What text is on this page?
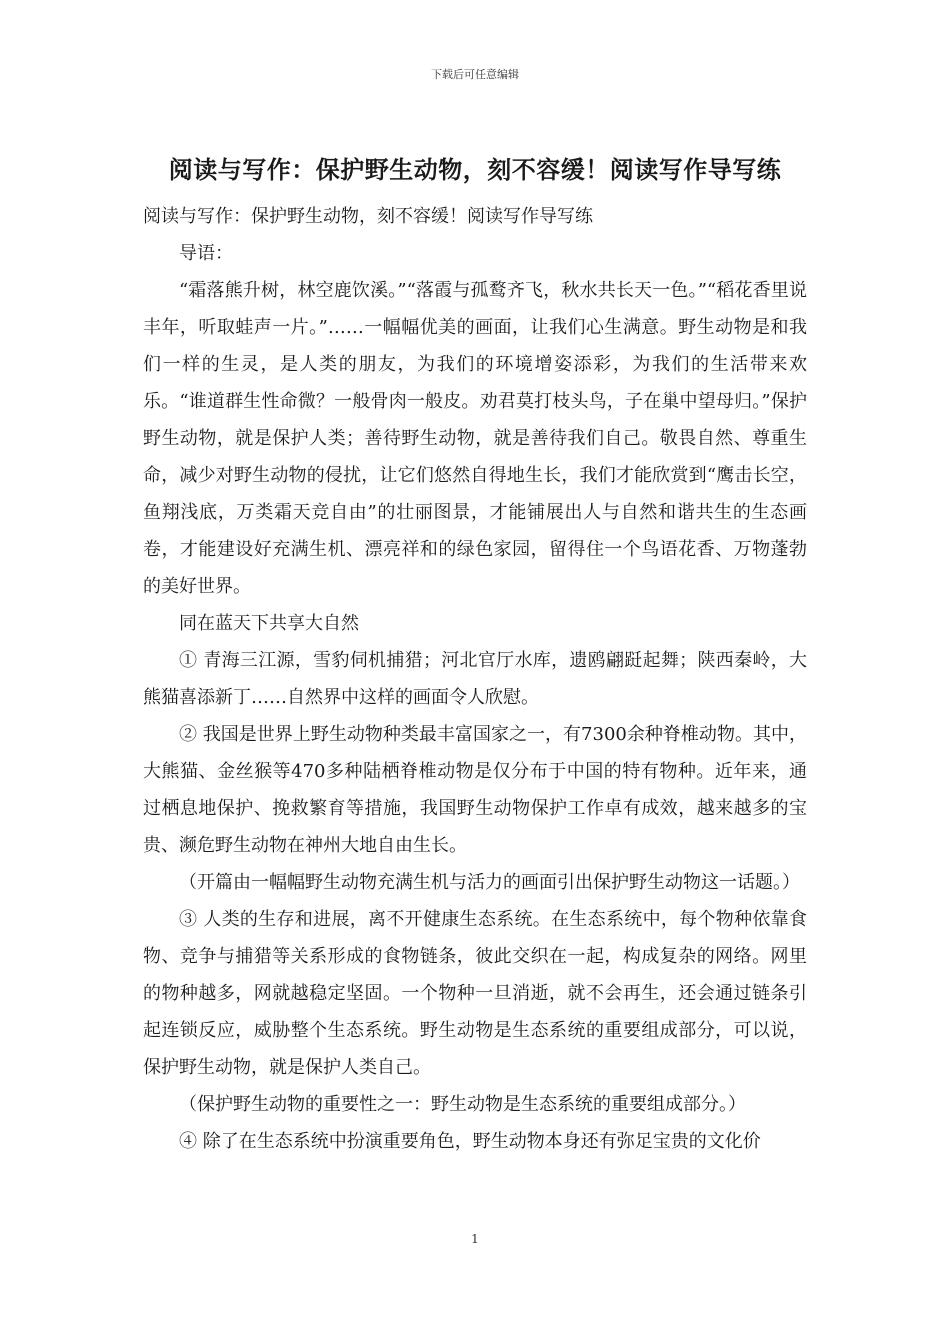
下载后可任意编辑
阅读与写作：保护野生动物，刻不容缓！阅读写作导写练

阅读与写作：保护野生动物，刻不容缓！阅读写作导写练

导语：

“霜落熊升树，林空鹿饮溪。”“落霞与孤鹜齐飞，秋水共长天一色。”“稻花香里说丰年，听取蛙声一片。”……一幅幅优美的画面，让我们心生满意。野生动物是和我们一样的生灵，是人类的朋友，为我们的环境增姿添彩，为我们的生活带来欢乐。“谁道群生性命微？一般骨肉一般皮。劝君莫打枝头鸟，子在巢中望母归。”保护野生动物，就是保护人类；善待野生动物，就是善待我们自己。敬畏自然、尊重生命，减少对野生动物的侵扰，让它们悠然自得地生长，我们才能欣赏到“鹰击长空，鱼翔浅底，万类霜天竞自由”的壮丽图景，才能铺展出人与自然和谐共生的生态画卷，才能建设好充满生机、漂亮祥和的绿色家园，留得住一个鸟语花香、万物蓬勃的美好世界。

同在蓝天下共享大自然

① 青海三江源，雪豹伺机捕猎；河北官厅水库，遗鸥翩跹起舞；陕西秦岭，大熊猫喜添新丁……自然界中这样的画面令人欣慰。

② 我国是世界上野生动物种类最丰富国家之一，有7300余种脊椎动物。其中，大熊猫、金丝猴等470多种陆栖脊椎动物是仅分布于中国的特有物种。近年来，通过栖息地保护、挽救繁育等措施，我国野生动物保护工作卓有成效，越来越多的宝贵、濒危野生动物在神州大地自由生长。

（开篇由一幅幅野生动物充满生机与活力的画面引出保护野生动物这一话题。）

③ 人类的生存和进展，离不开健康生态系统。在生态系统中，每个物种依靠食物、竞争与捕猎等关系形成的食物链条，彼此交织在一起，构成复杂的网络。网里的物种越多，网就越稳定坚固。一个物种一旦消逝，就不会再生，还会通过链条引起连锁反应，威胁整个生态系统。野生动物是生态系统的重要组成部分，可以说，保护野生动物，就是保护人类自己。

（保护野生动物的重要性之一：野生动物是生态系统的重要组成部分。）

④ 除了在生态系统中扮演重要角色，野生动物本身还有弥足宝贵的文化价

1
